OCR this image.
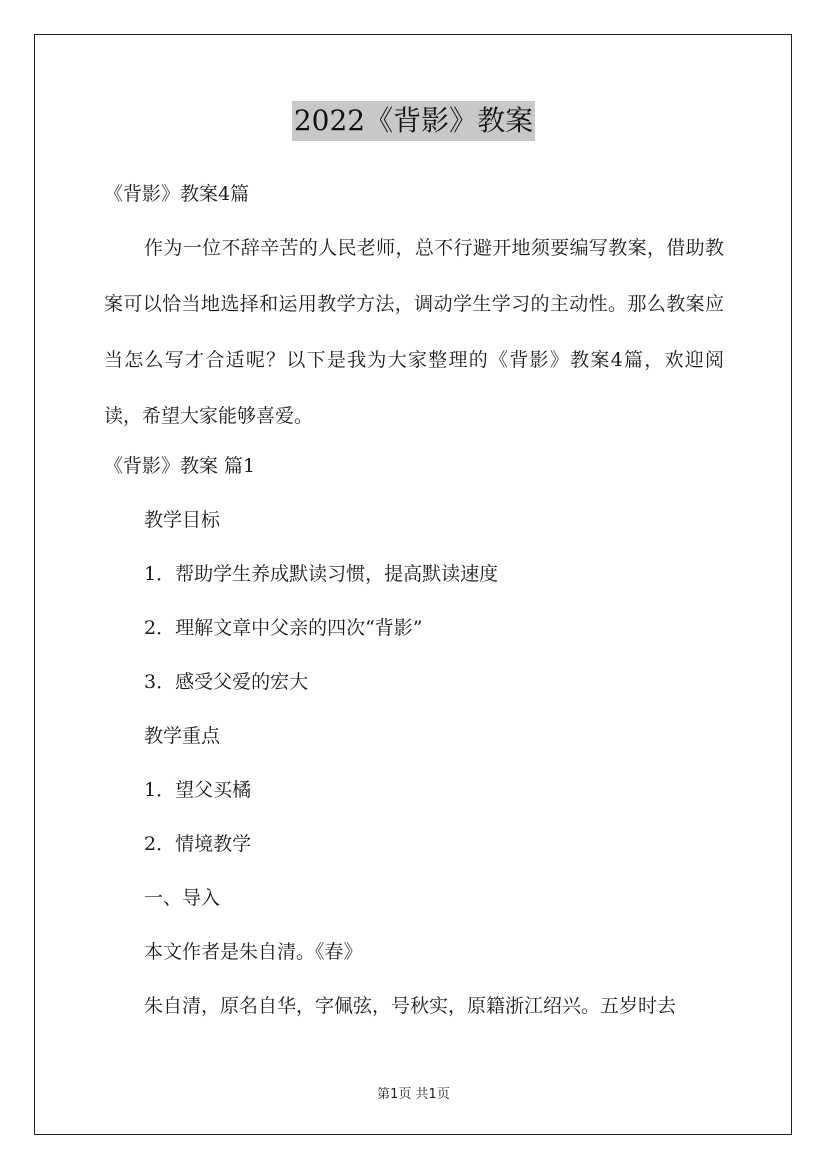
2022《背影》教案
《背影》教案4篇
作为一位不辞辛苦的人民老师，总不行避开地须要编写教案，借助教案可以恰当地选择和运用教学方法，调动学生学习的主动性。那么教案应当怎么写才合适呢？以下是我为大家整理的《背影》教案4篇，欢迎阅读，希望大家能够喜爱。
《背影》教案 篇1
教学目标
1．帮助学生养成默读习惯，提高默读速度
2．理解文章中父亲的四次“背影”
3．感受父爱的宏大
教学重点
1．望父买橘
2．情境教学
一、导入
本文作者是朱自清。《春》
朱自清，原名自华，字佩弦，号秋实，原籍浙江绍兴。五岁时去
第1页 共1页
